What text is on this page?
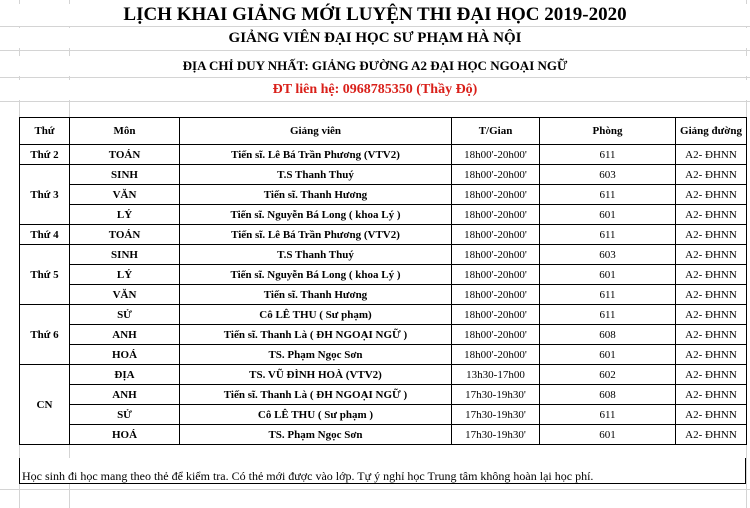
LỊCH KHAI GIẢNG MỚI LUYỆN THI ĐẠI HỌC 2019-2020
GIẢNG VIÊN ĐẠI HỌC SƯ PHẠM HÀ NỘI
ĐỊA CHỈ DUY NHẤT: GIẢNG ĐƯỜNG A2 ĐẠI HỌC NGOẠI NGỮ
ĐT liên hệ: 0968785350 (Thầy Độ)
Thứ	Môn	Giảng viên	T/Gian	Phòng	Giảng đường
Thứ 2	TOÁN	Tiến sĩ. Lê Bá Trần Phương (VTV2)	18h00'-20h00'	611	A2- ĐHNN
Thứ 3	SINH	T.S Thanh Thuý	18h00'-20h00'	603	A2- ĐHNN
	VĂN	Tiến sĩ. Thanh Hương	18h00'-20h00'	611	A2- ĐHNN
	LÝ	Tiến sĩ. Nguyễn Bá Long ( khoa Lý )	18h00'-20h00'	601	A2- ĐHNN
Thứ 4	TOÁN	Tiến sĩ. Lê Bá Trần Phương (VTV2)	18h00'-20h00'	611	A2- ĐHNN
Thứ 5	SINH	T.S Thanh Thuý	18h00'-20h00'	603	A2- ĐHNN
	LÝ	Tiến sĩ. Nguyễn Bá Long ( khoa Lý )	18h00'-20h00'	601	A2- ĐHNN
	VĂN	Tiến sĩ. Thanh Hương	18h00'-20h00'	611	A2- ĐHNN
Thứ 6	SỬ	Cô LÊ THU ( Sư phạm)	18h00'-20h00'	611	A2- ĐHNN
	ANH	Tiến sĩ. Thanh Là ( ĐH NGOẠI NGỮ )	18h00'-20h00'	608	A2- ĐHNN
	HOÁ	TS. Phạm Ngọc Sơn	18h00'-20h00'	601	A2- ĐHNN
CN	ĐỊA	TS. VŨ ĐÌNH HOÀ (VTV2)	13h30-17h00	602	A2- ĐHNN
	ANH	Tiến sĩ. Thanh Là ( ĐH NGOẠI NGỮ )	17h30-19h30'	608	A2- ĐHNN
	SỬ	Cô LÊ THU ( Sư phạm )	17h30-19h30'	611	A2- ĐHNN
	HOÁ	TS. Phạm Ngọc Sơn	17h30-19h30'	601	A2- ĐHNN
Học sinh đi học mang theo thẻ để kiểm tra. Có thẻ mới được vào lớp. Tự ý nghỉ học Trung tâm không hoàn lại học phí.
